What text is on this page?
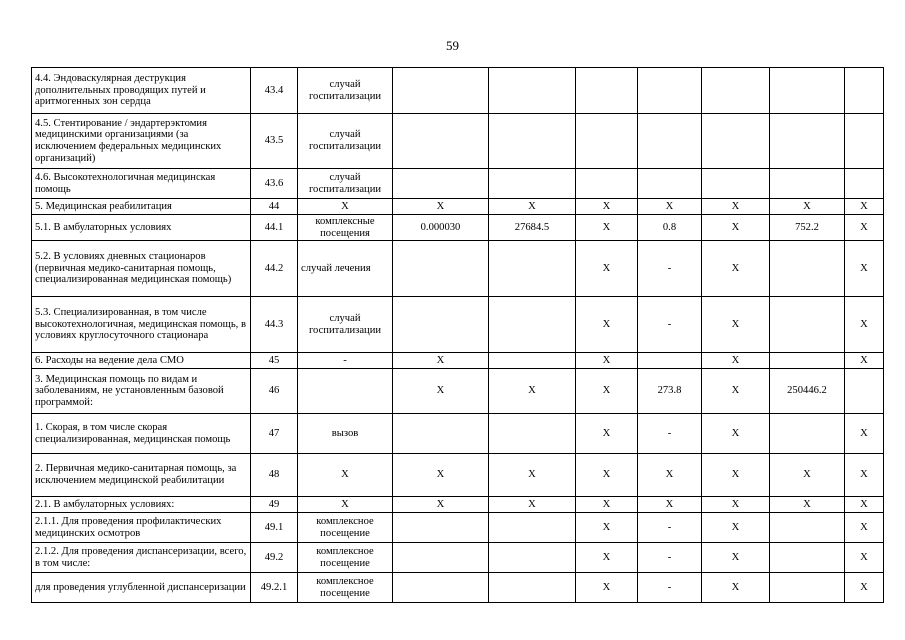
59
4.4. Эндоваскулярная деструкция дополнительных проводящих путей и аритмогенных зон сердца	43.4	случай госпитализации							
4.5. Стентирование / эндартерэктомия медицинскими организациями (за исключением федеральных медицинских организаций)	43.5	случай госпитализации							
4.6. Высокотехнологичная медицинская помощь	43.6	случай госпитализации							
5. Медицинская реабилитация	44	Х	Х	Х	Х	Х	Х	Х	Х
5.1. В амбулаторных условиях	44.1	комплексные посещения	0.000030	27684.5	Х	0.8	Х	752.2	Х
5.2. В условиях дневных стационаров (первичная медико-санитарная помощь, специализированная медицинская помощь)	44.2	случай лечения			Х	-	Х		Х
5.3. Специализированная, в том числе высокотехнологичная, медицинская помощь, в условиях круглосуточного стационара	44.3	случай госпитализации			Х	-	Х		Х
6. Расходы на ведение дела СМО	45	-	Х		Х		Х		Х
3. Медицинская помощь по видам и заболеваниям, не установленным базовой программой:	46		Х	Х	Х	273.8	Х	250446.2	
1. Скорая, в том числе скорая специализированная, медицинская помощь	47	вызов			Х	-	Х		Х
2. Первичная медико-санитарная помощь, за исключением медицинской реабилитации	48	Х	Х	Х	Х	Х	Х	Х	Х
2.1. В амбулаторных условиях:	49	Х	Х	Х	Х	Х	Х	Х	Х
2.1.1. Для проведения профилактических медицинских осмотров	49.1	комплексное посещение			Х	-	Х		Х
2.1.2. Для проведения диспансеризации, всего, в том числе:	49.2	комплексное посещение			Х	-	Х		Х
для проведения углубленной диспансеризации	49.2.1	комплексное посещение			Х	-	Х		Х
